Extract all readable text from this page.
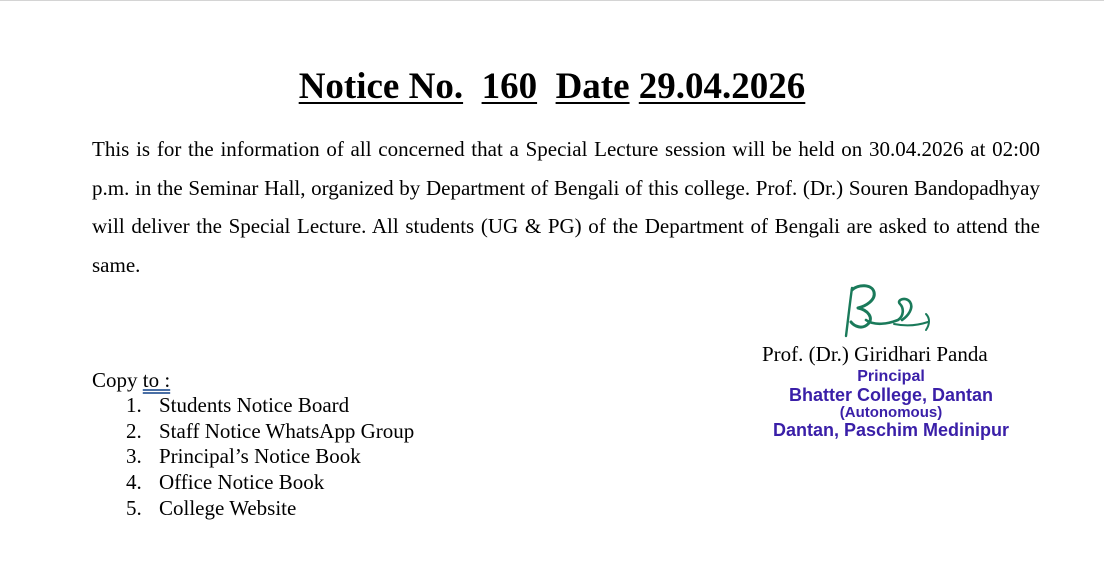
Notice No. 160 Date 29.04.2026
This is for the information of all concerned that a Special Lecture session will be held on 30.04.2026 at 02:00 p.m. in the Seminar Hall, organized by Department of Bengali of this college. Prof. (Dr.) Souren Bandopadhyay will deliver the Special Lecture. All students (UG & PG) of the Department of Bengali are asked to attend the same.
Copy to :
1. Students Notice Board
2. Staff Notice WhatsApp Group
3. Principal’s Notice Book
4. Office Notice Book
5. College Website
Prof. (Dr.) Giridhari Panda
Principal
Bhatter College, Dantan
(Autonomous)
Dantan, Paschim Medinipur
